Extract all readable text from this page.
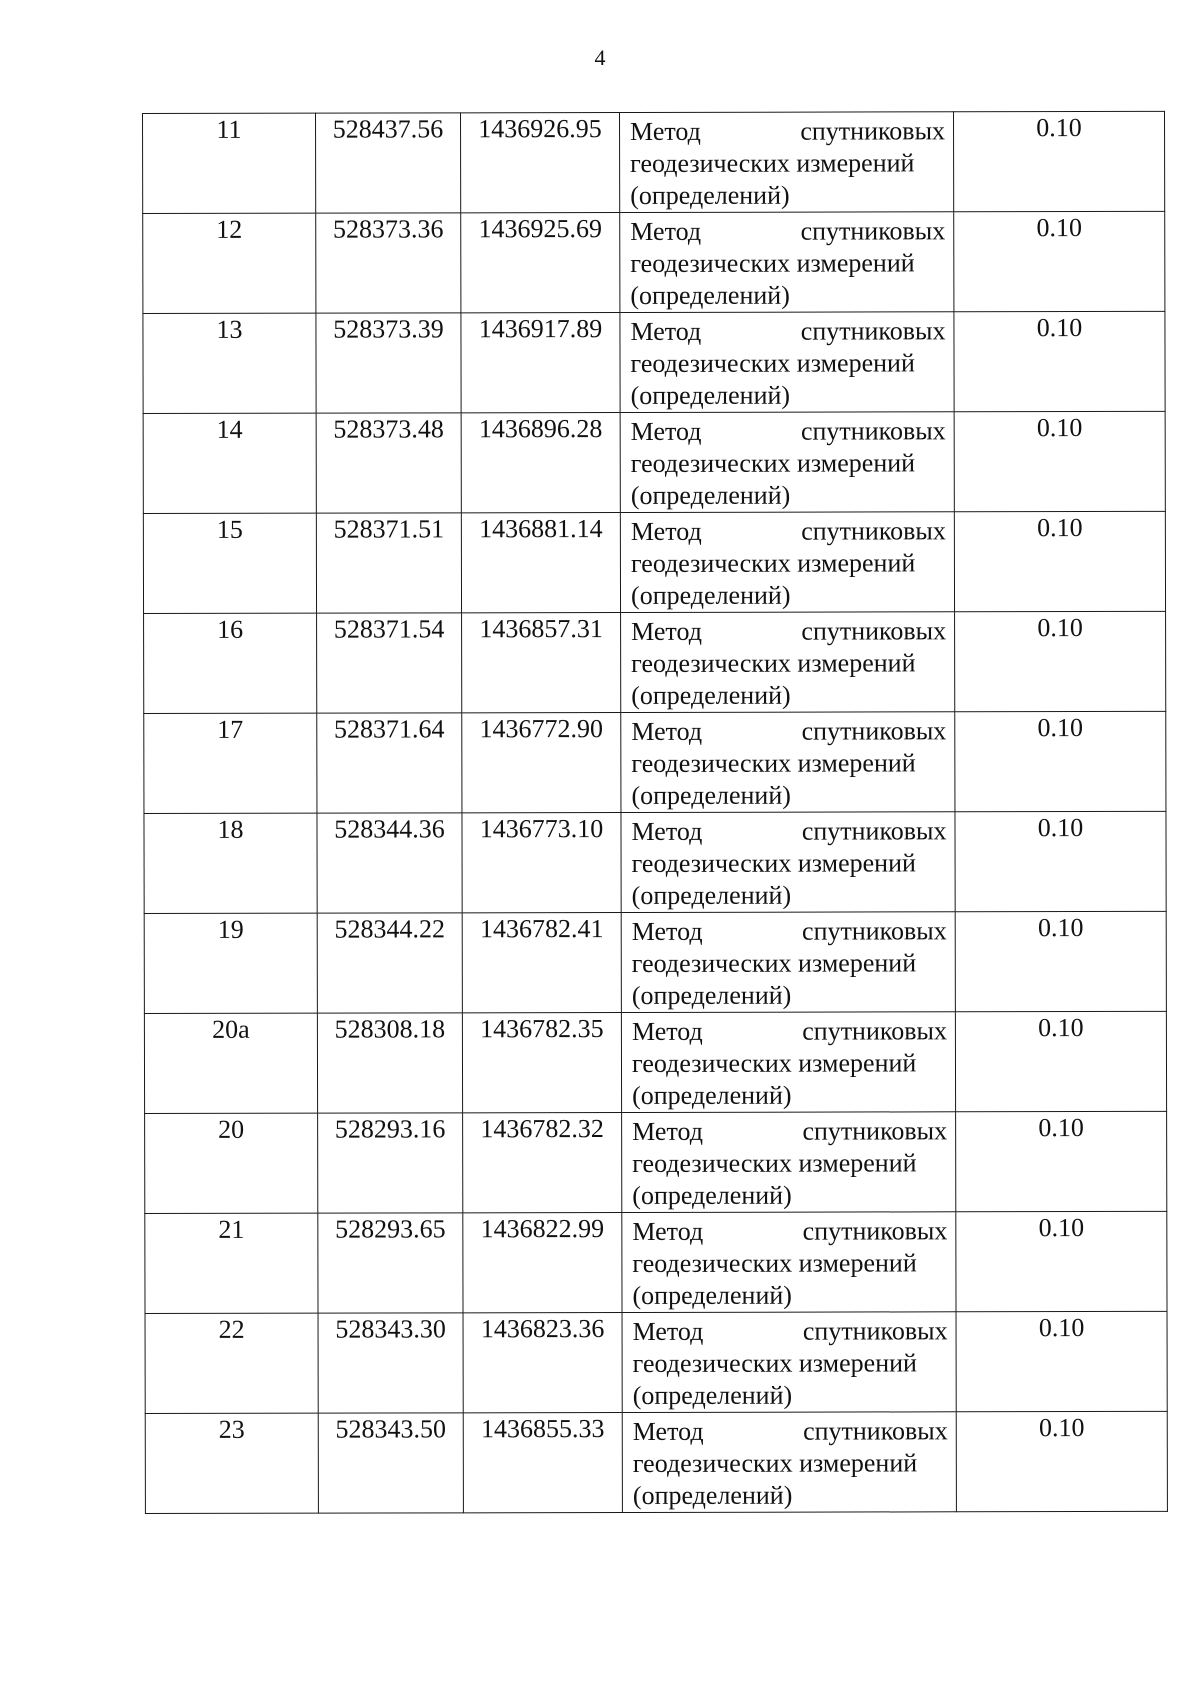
4
11	528437.56	1436926.95	Метод спутниковых
геодезических измерений
(определений)	0.10
12	528373.36	1436925.69	Метод спутниковых
геодезических измерений
(определений)	0.10
13	528373.39	1436917.89	Метод спутниковых
геодезических измерений
(определений)	0.10
14	528373.48	1436896.28	Метод спутниковых
геодезических измерений
(определений)	0.10
15	528371.51	1436881.14	Метод спутниковых
геодезических измерений
(определений)	0.10
16	528371.54	1436857.31	Метод спутниковых
геодезических измерений
(определений)	0.10
17	528371.64	1436772.90	Метод спутниковых
геодезических измерений
(определений)	0.10
18	528344.36	1436773.10	Метод спутниковых
геодезических измерений
(определений)	0.10
19	528344.22	1436782.41	Метод спутниковых
геодезических измерений
(определений)	0.10
20а	528308.18	1436782.35	Метод спутниковых
геодезических измерений
(определений)	0.10
20	528293.16	1436782.32	Метод спутниковых
геодезических измерений
(определений)	0.10
21	528293.65	1436822.99	Метод спутниковых
геодезических измерений
(определений)	0.10
22	528343.30	1436823.36	Метод спутниковых
геодезических измерений
(определений)	0.10
23	528343.50	1436855.33	Метод спутниковых
геодезических измерений
(определений)	0.10
